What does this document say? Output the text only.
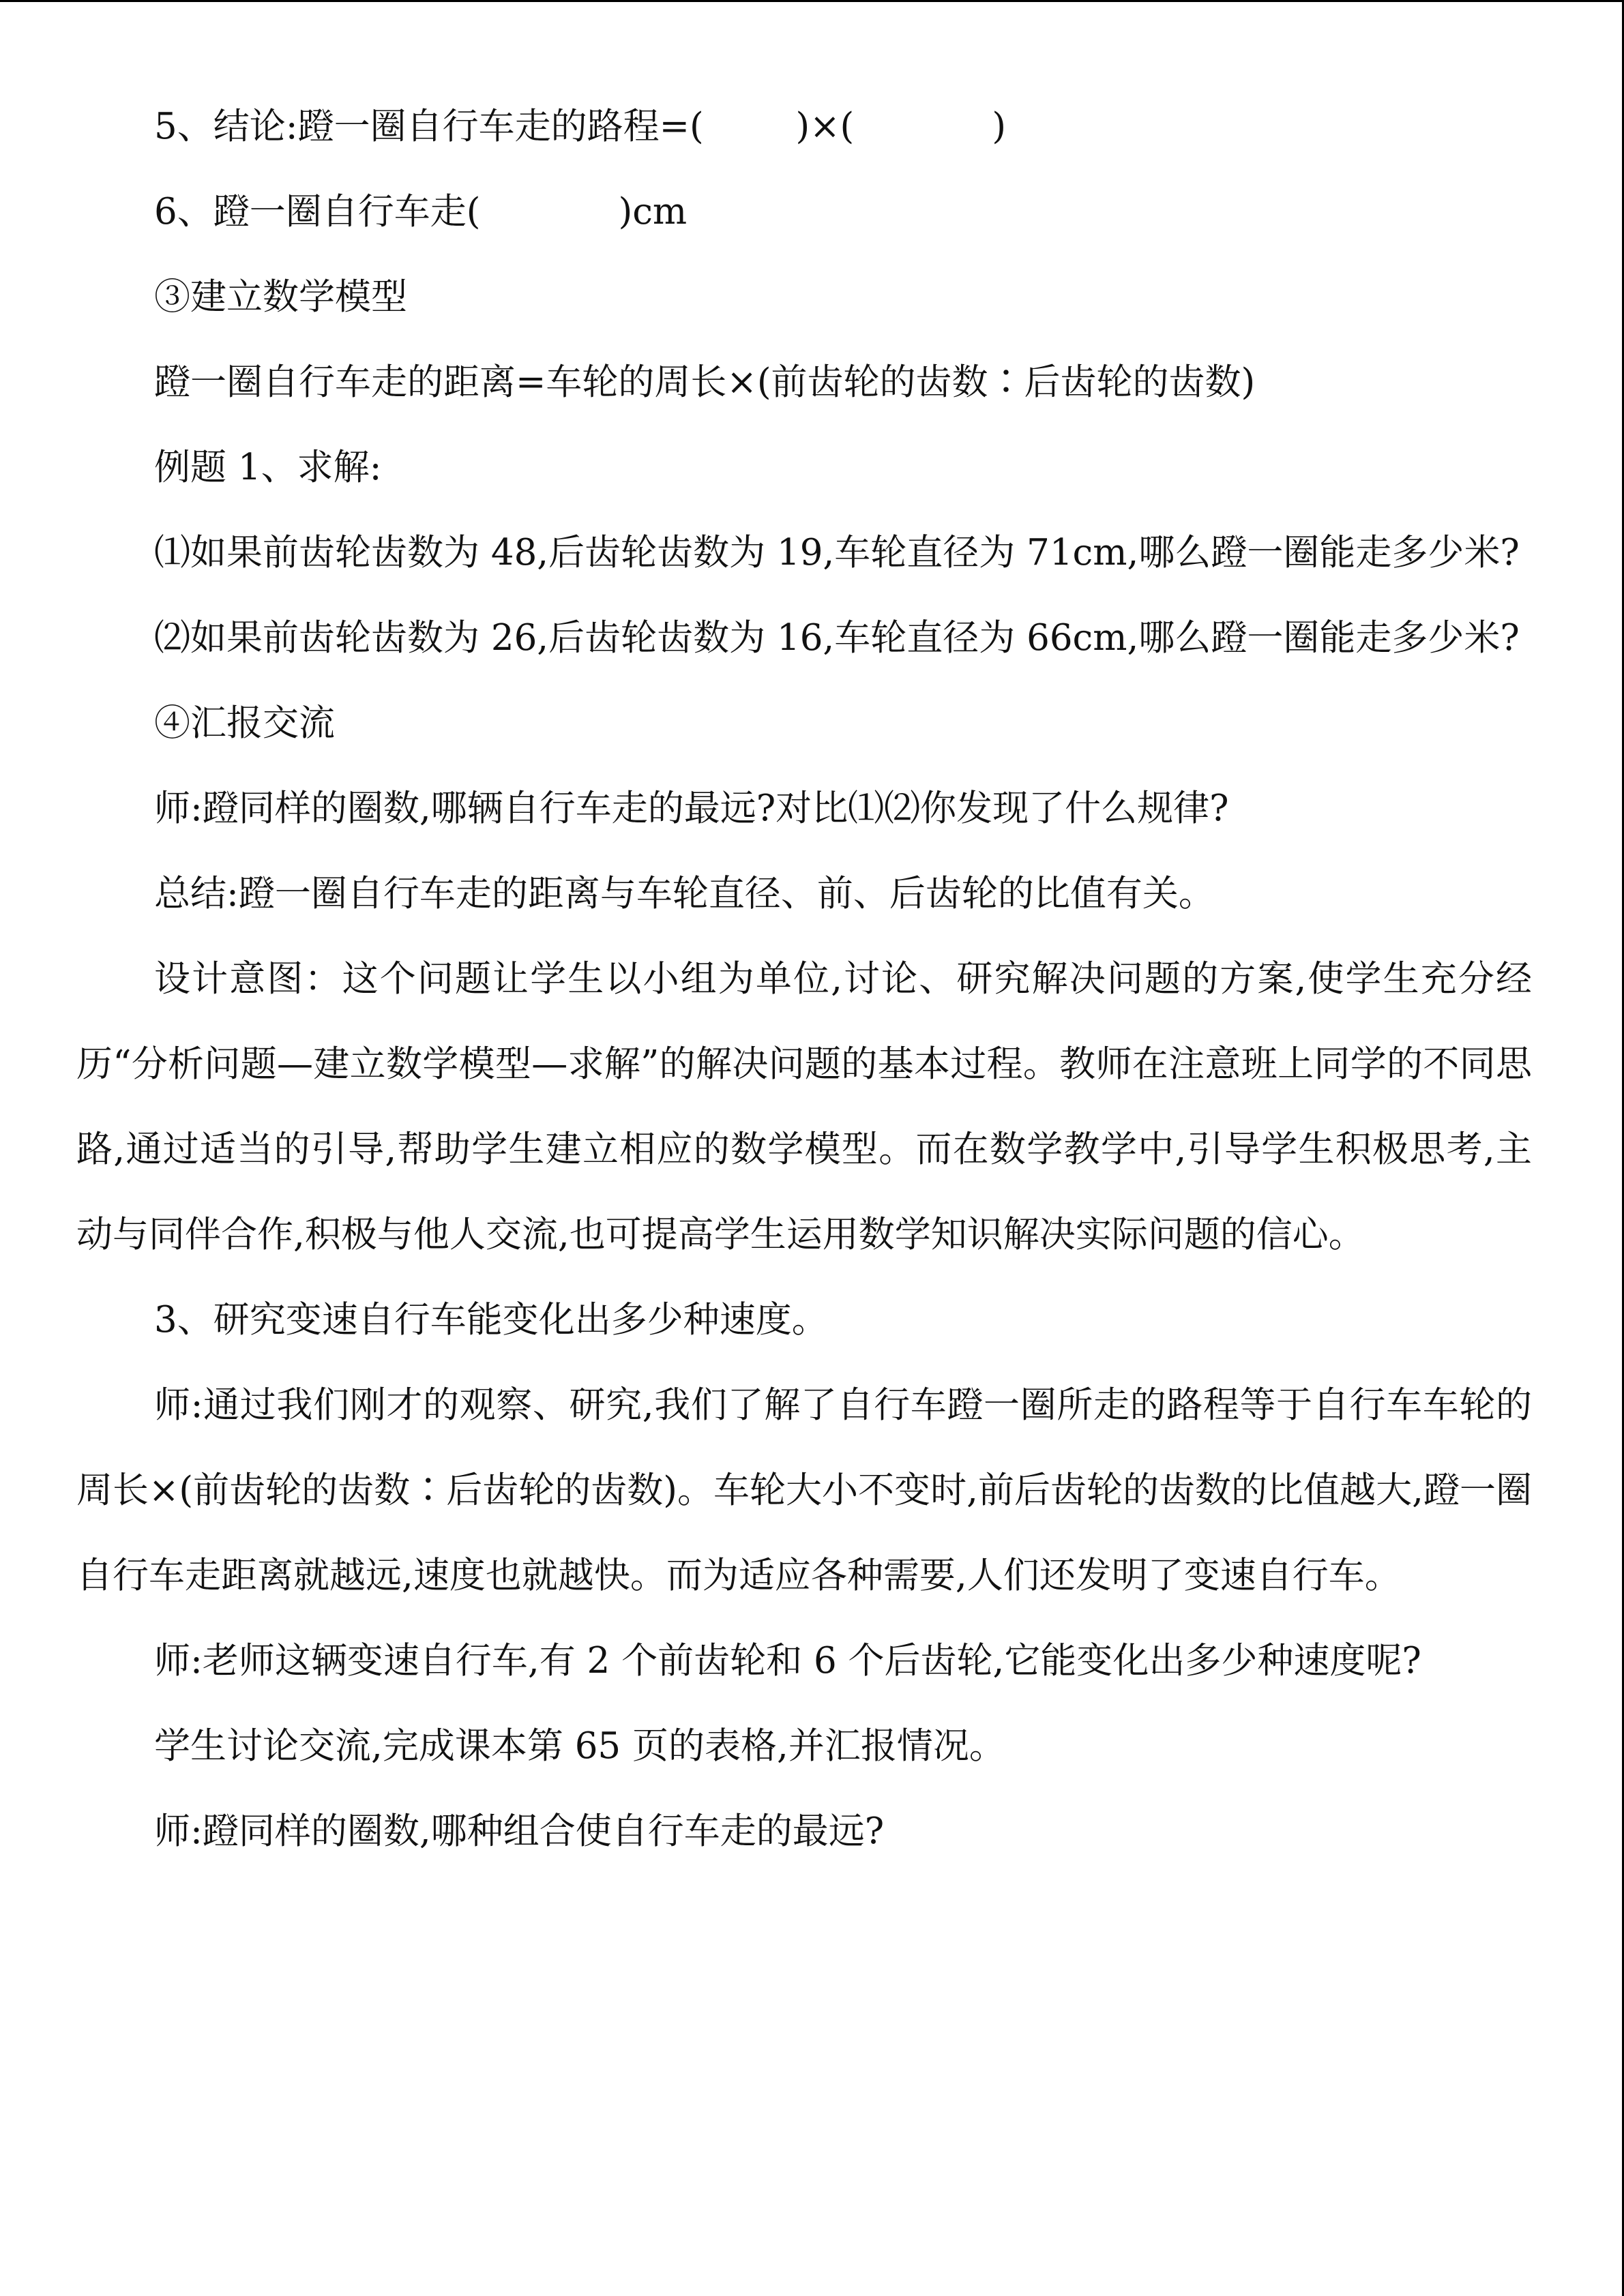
5、结论:蹬一圈自行车走的路程=(        )×(            )

6、蹬一圈自行车走(            )cm

③建立数学模型

蹬一圈自行车走的距离=车轮的周长×(前齿轮的齿数∶后齿轮的齿数)

例题 1、求解:

⑴如果前齿轮齿数为 48,后齿轮齿数为 19,车轮直径为 71cm,哪么蹬一圈能走多少米?

⑵如果前齿轮齿数为 26,后齿轮齿数为 16,车轮直径为 66cm,哪么蹬一圈能走多少米?

④汇报交流

师:蹬同样的圈数,哪辆自行车走的最远?对比⑴⑵你发现了什么规律?

总结:蹬一圈自行车走的距离与车轮直径、前、后齿轮的比值有关。

设计意图：这个问题让学生以小组为单位,讨论、研究解决问题的方案,使学生充分经历“分析问题—建立数学模型—求解”的解决问题的基本过程。教师在注意班上同学的不同思路,通过适当的引导,帮助学生建立相应的数学模型。而在数学教学中,引导学生积极思考,主动与同伴合作,积极与他人交流,也可提高学生运用数学知识解决实际问题的信心。

3、研究变速自行车能变化出多少种速度。

师:通过我们刚才的观察、研究,我们了解了自行车蹬一圈所走的路程等于自行车车轮的周长×(前齿轮的齿数∶后齿轮的齿数)。车轮大小不变时,前后齿轮的齿数的比值越大,蹬一圈自行车走距离就越远,速度也就越快。而为适应各种需要,人们还发明了变速自行车。

师:老师这辆变速自行车,有 2 个前齿轮和 6 个后齿轮,它能变化出多少种速度呢?

学生讨论交流,完成课本第 65 页的表格,并汇报情况。

师:蹬同样的圈数,哪种组合使自行车走的最远?
